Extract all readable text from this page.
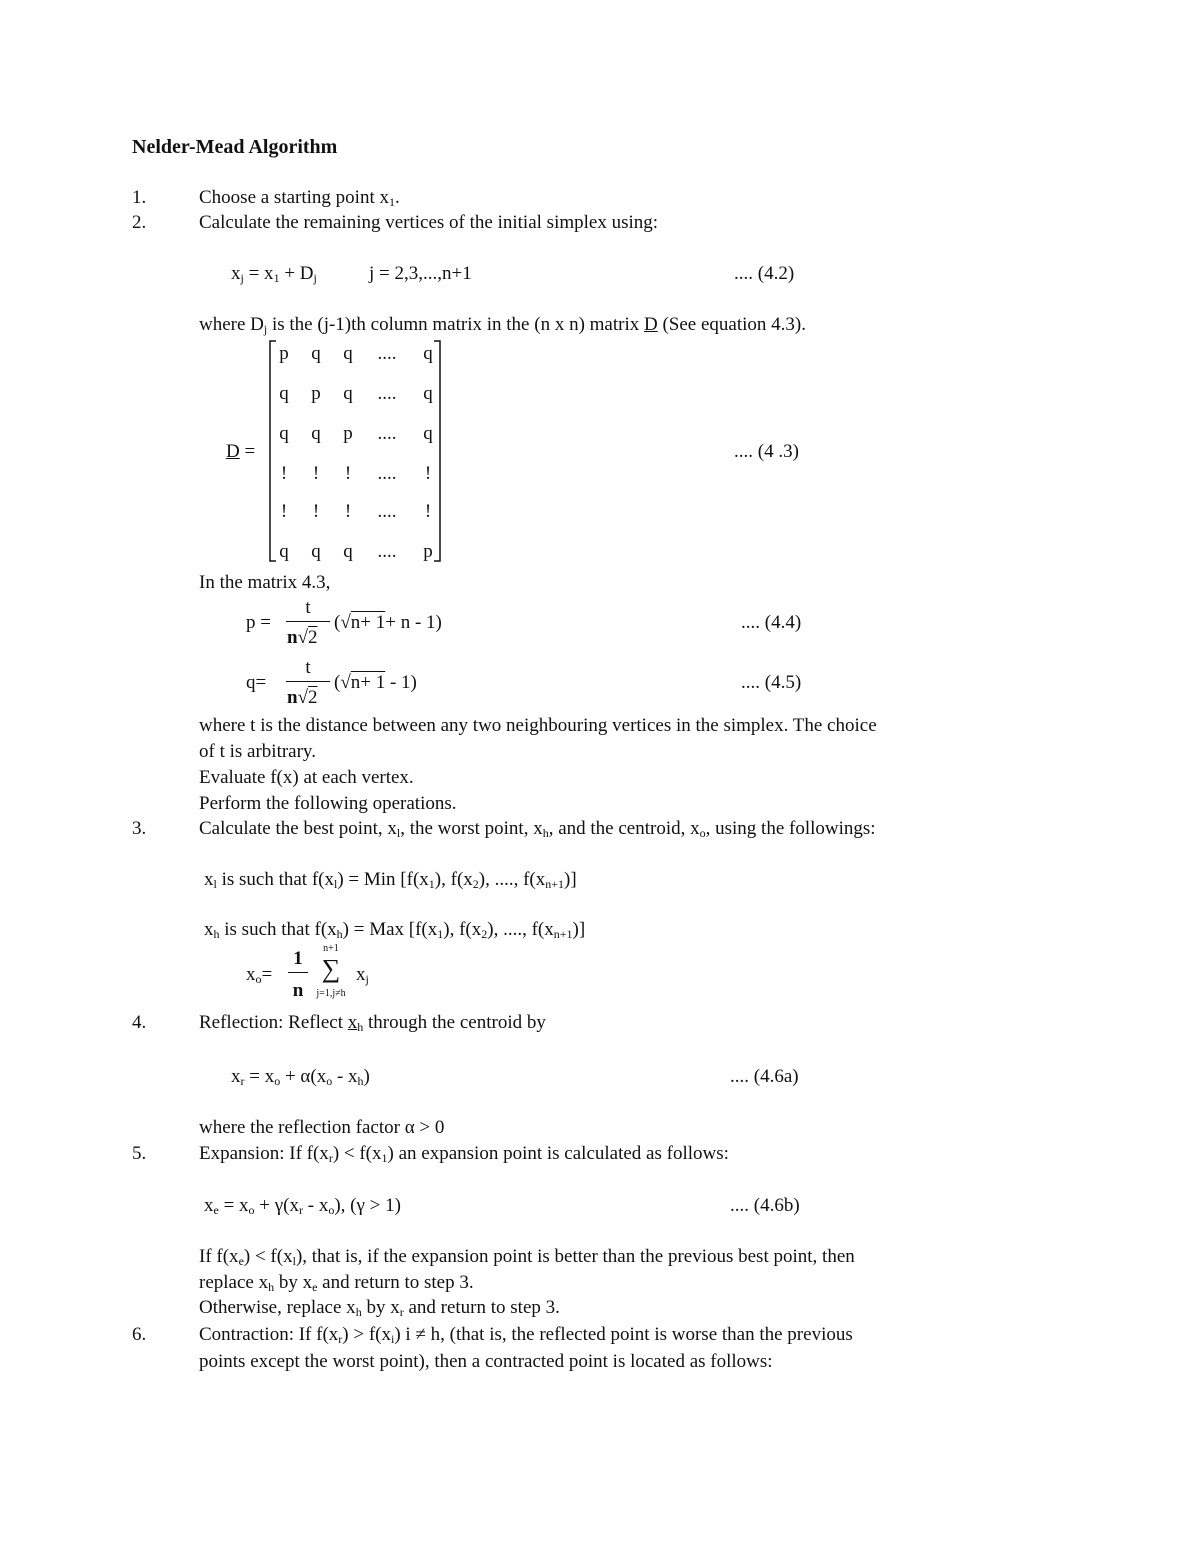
Nelder-Mead Algorithm
1.	Choose a starting point $x_1$.
2.	Calculate the remaining vertices of the initial simplex using:
$x_j = x_1 + D_j$	j = 2,3,...,n+1	.... (4.2)
where $D_j$ is the (j-1)th column matrix in the (n x n) matrix D (See equation 4.3).
D =
p	q	q	....	q
q	p	q	....	q
q	q	p	....	q
!	!	!	....	!
!	!	!	....	!
q	q	q	....	p
.... (4 .3)
In the matrix 4.3,
p =
t
n√2
(√n+ 1+ n - 1)	.... (4.4)
q=
t
n√2
(√n+ 1 - 1)	.... (4.5)
where t is the distance between any two neighbouring vertices in the simplex. The choice
of t is arbitrary.
Evaluate f(x) at each vertex.
Perform the following operations.
3.	Calculate the best point, $x_l$, the worst point, $x_h$, and the centroid, $x_o$, using the followings:
$x_l$ is such that $f(x_l)$ = Min [$f(x_1)$, $f(x_2)$, ...., $f(x_{n+1})$]
$x_h$ is such that $f(x_h)$ = Max [$f(x_1)$, $f(x_2)$, ...., $f(x_{n+1})$]
$x_o=$
1
n
n+1
∑
j=1,j≠h
$x_j$
4.	Reflection: Reflect $x_h$ through the centroid by
$x_r = x_o + \alpha(x_o - x_h)$	.... (4.6a)
where the reflection factor α > 0
5.	Expansion: If $f(x_r) < f(x_1)$ an expansion point is calculated as follows:
$x_e = x_o + \gamma(x_r - x_o)$, (γ > 1)	.... (4.6b)
If $f(x_e) < f(x_l)$, that is, if the expansion point is better than the previous best point, then
replace $x_h$ by $x_e$ and return to step 3.
Otherwise, replace $x_h$ by $x_r$ and return to step 3.
6.	Contraction: If $f(x_r) > f(x_i) i \ne h$, (that is, the reflected point is worse than the previous
points except the worst point), then a contracted point is located as follows:
